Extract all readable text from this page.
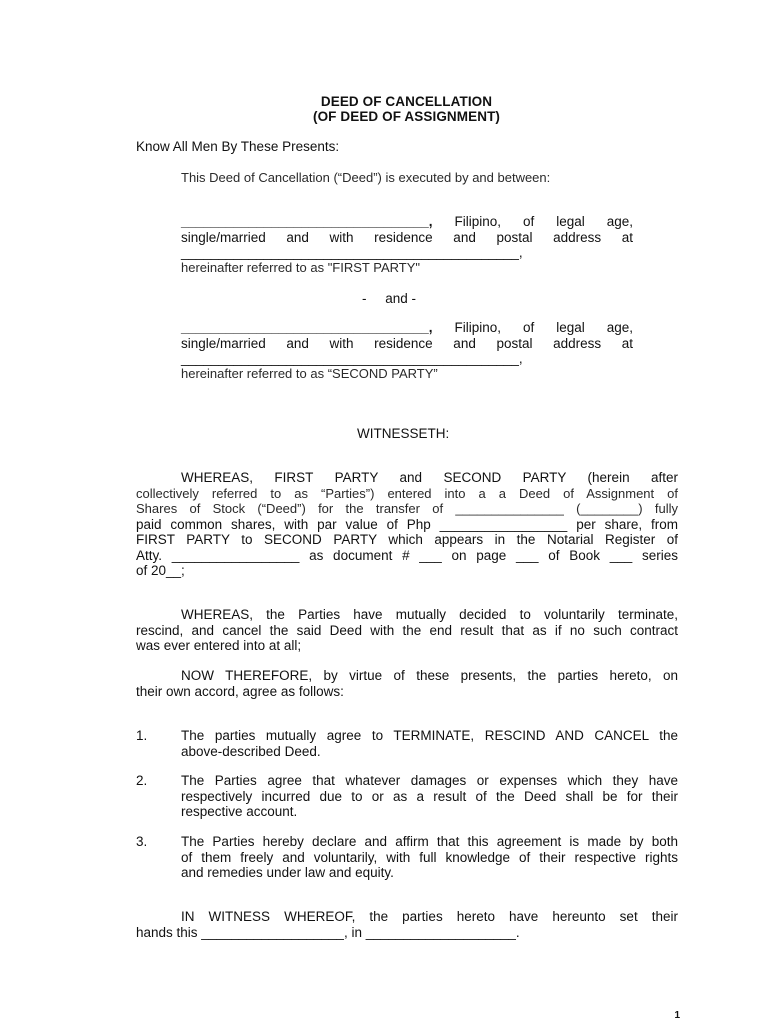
DEED OF CANCELLATION
(OF DEED OF ASSIGNMENT)
Know All Men By These Presents:
This Deed of Cancellation (“Deed”) is executed by and between:
_________________________________, Filipino, of legal age,
single/married and with residence and postal address at
_____________________________________________,
hereinafter referred to as "FIRST PARTY"
-     and -
_________________________________, Filipino, of legal age,
single/married and with residence and postal address at
_____________________________________________,
hereinafter referred to as “SECOND PARTY”
WITNESSETH:
WHEREAS, FIRST PARTY and SECOND PARTY (herein after
collectively referred to as “Parties”) entered into a a Deed of Assignment of
Shares of Stock (“Deed”) for the transfer of _______________ (________) fully
paid common shares, with par value of Php _________________ per share, from
FIRST PARTY to SECOND PARTY which appears in the Notarial Register of
Atty. _________________ as document # ___ on page ___ of Book ___ series
of 20__;
WHEREAS, the Parties have mutually decided to voluntarily terminate,
rescind, and cancel the said Deed with the end result that as if no such contract
was ever entered into at all;
NOW THEREFORE, by virtue of these presents, the parties hereto, on
their own accord, agree as follows:
1. The parties mutually agree to TERMINATE, RESCIND AND CANCEL the
above-described Deed.
2. The Parties agree that whatever damages or expenses which they have
respectively incurred due to or as a result of the Deed shall be for their
respective account.
3. The Parties hereby declare and affirm that this agreement is made by both
of them freely and voluntarily, with full knowledge of their respective rights
and remedies under law and equity.
IN WITNESS WHEREOF, the parties hereto have hereunto set their
hands this ___________________, in ____________________.
1
